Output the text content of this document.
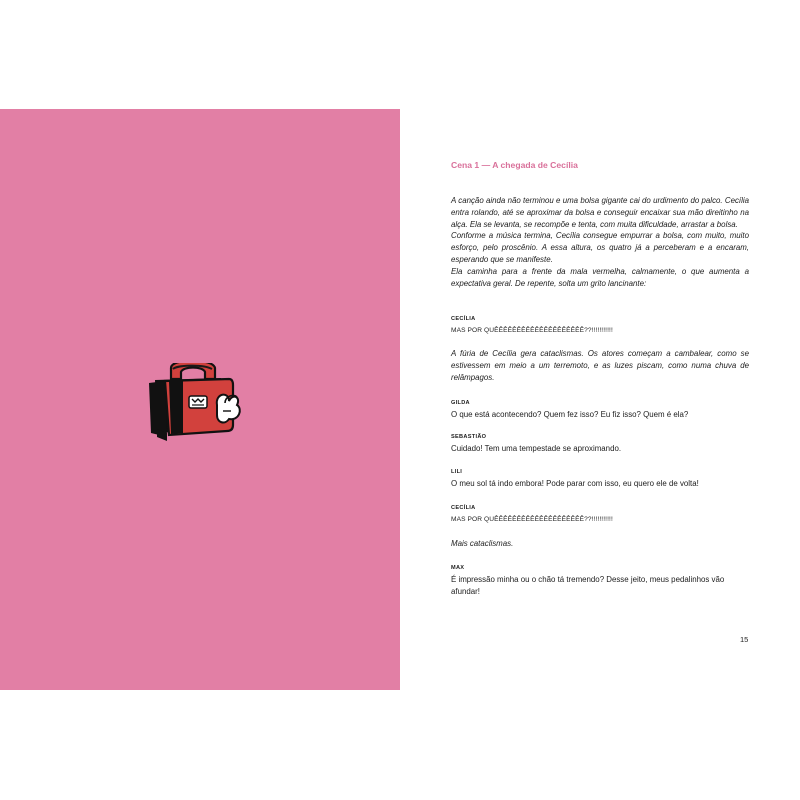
Cena 1 — A chegada de Cecília

A canção ainda não terminou e uma bolsa gigante cai do urdimento do palco. Cecília entra rolando, até se aproximar da bolsa e conseguir encaixar sua mão direitinho na alça. Ela se levanta, se recompõe e tenta, com muita dificuldade, arrastar a bolsa.

Conforme a música termina, Cecília consegue empurrar a bolsa, com muito, muito esforço, pelo proscênio. A essa altura, os quatro já a perceberam e a encaram, esperando que se manifeste.

Ela caminha para a frente da mala vermelha, calmamente, o que aumenta a expectativa geral. De repente, solta um grito lancinante:

CECÍLIA

MAS POR QUÊÊÊÊÊÊÊÊÊÊÊÊÊÊÊÊÊÊÊÊ??!!!!!!!!!!!

A fúria de Cecília gera cataclismas. Os atores começam a cambalear, como se estivessem em meio a um terremoto, e as luzes piscam, como numa chuva de relâmpagos.

GILDA

O que está acontecendo? Quem fez isso? Eu fiz isso? Quem é ela?

SEBASTIÃO

Cuidado! Tem uma tempestade se aproximando.

LILI

O meu sol tá indo embora! Pode parar com isso, eu quero ele de volta!

CECÍLIA

MAS POR QUÊÊÊÊÊÊÊÊÊÊÊÊÊÊÊÊÊÊÊÊ??!!!!!!!!!!!

Mais cataclismas.

MAX

É impressão minha ou o chão tá tremendo? Desse jeito, meus pedalinhos vão afundar!

15
